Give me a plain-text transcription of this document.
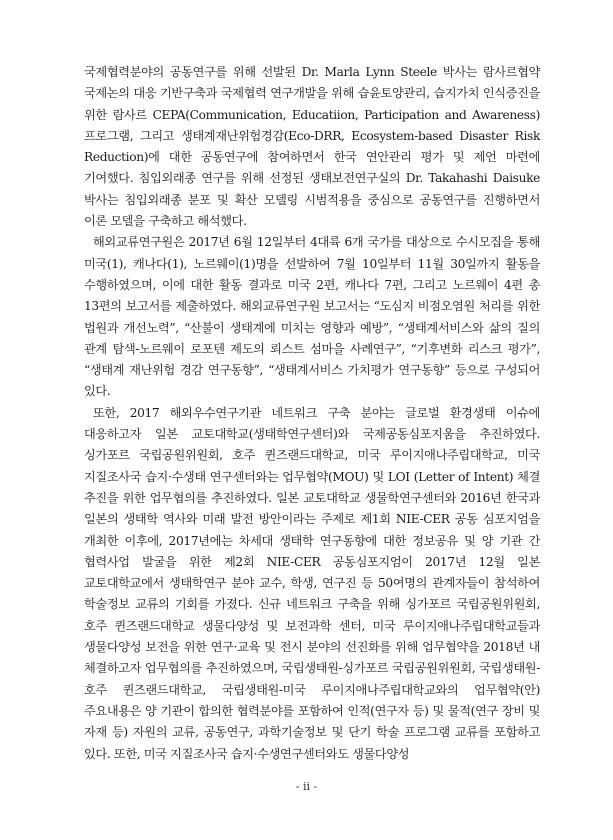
국제협력분야의 공동연구를 위해 선발된 Dr. Marla Lynn Steele 박사는 람사르협약 국제논의 대응 기반구축과 국제협력 연구개발을 위해 습윤토양관리, 습지가치 인식증진을 위한 람사르 CEPA(Communication, Educatiion, Participation and Awareness) 프로그램, 그리고 생태계재난위험경감(Eco-DRR, Ecosystem-based Disaster Risk Reduction)에 대한 공동연구에 참여하면서 한국 연안관리 평가 및 제언 마련에 기여했다. 침입외래종 연구를 위해 선정된 생태보전연구실의 Dr. Takahashi Daisuke 박사는 침입외래종 분포 및 확산 모델링 시범적용을 중심으로 공동연구를 진행하면서 이론 모델을 구축하고 해석했다.

해외교류연구원은 2017년 6월 12일부터 4대륙 6개 국가를 대상으로 수시모집을 통해 미국(1), 캐나다(1), 노르웨이(1)명을 선발하여 7월 10일부터 11월 30일까지 활동을 수행하였으며, 이에 대한 활동 결과로 미국 2편, 캐나다 7편, 그리고 노르웨이 4편 총 13편의 보고서를 제출하였다. 해외교류연구원 보고서는 “도심지 비점오염원 처리를 위한 법원과 개선노력”, “산불이 생태계에 미치는 영향과 예방”, “생태계서비스와 삶의 질의 관계 탐색-노르웨이 로포텐 제도의 뢰스트 섬마을 사례연구”, “기후변화 리스크 평가”, “생태계 재난위험 경감 연구동향”, “생태계서비스 가치평가 연구동향” 등으로 구성되어 있다.

또한, 2017 해외우수연구기관 네트워크 구축 분야는 글로벌 환경생태 이슈에 대응하고자 일본 교토대학교(생태학연구센터)와 국제공동심포지움을 추진하였다. 싱가포르 국립공원위원회, 호주 퀸즈랜드대학교, 미국 루이지애나주립대학교, 미국 지질조사국 습지·수생태 연구센터와는 업무협약(MOU) 및 LOI (Letter of Intent) 체결 추진을 위한 업무협의를 추진하였다. 일본 교토대학교 생물학연구센터와 2016년 한국과 일본의 생태학 역사와 미래 발전 방안이라는 주제로 제1회 NIE-CER 공동 심포지엄을 개최한 이후에, 2017년에는 차세대 생태학 연구동향에 대한 정보공유 및 양 기관 간 협력사업 발굴을 위한 제2회 NIE-CER 공동심포지엄이 2017년 12월 일본 교토대학교에서 생태학연구 분야 교수, 학생, 연구진 등 50여명의 관계자들이 참석하여 학술정보 교류의 기회를 가졌다. 신규 네트워크 구축을 위해 싱가포르 국립공원위원회, 호주 퀸즈랜드대학교 생물다양성 및 보전과학 센터, 미국 루이지애나주립대학교들과 생물다양성 보전을 위한 연구·교육 및 전시 분야의 선진화를 위해 업무협약을 2018년 내 체결하고자 업무협의를 추진하였으며, 국립생태원-싱가포르 국립공원위원회, 국립생태원-호주 퀸즈랜드대학교, 국립생태원-미국 루이지애나주립대학교와의 업무협약(안) 주요내용은 양 기관이 합의한 협력분야를 포함하여 인적(연구자 등) 및 물적(연구 장비 및 자재 등) 자원의 교류, 공동연구, 과학기술정보 및 단기 학술 프로그램 교류를 포함하고 있다. 또한, 미국 지질조사국 습지·수생연구센터와도 생물다양성

- ii -
